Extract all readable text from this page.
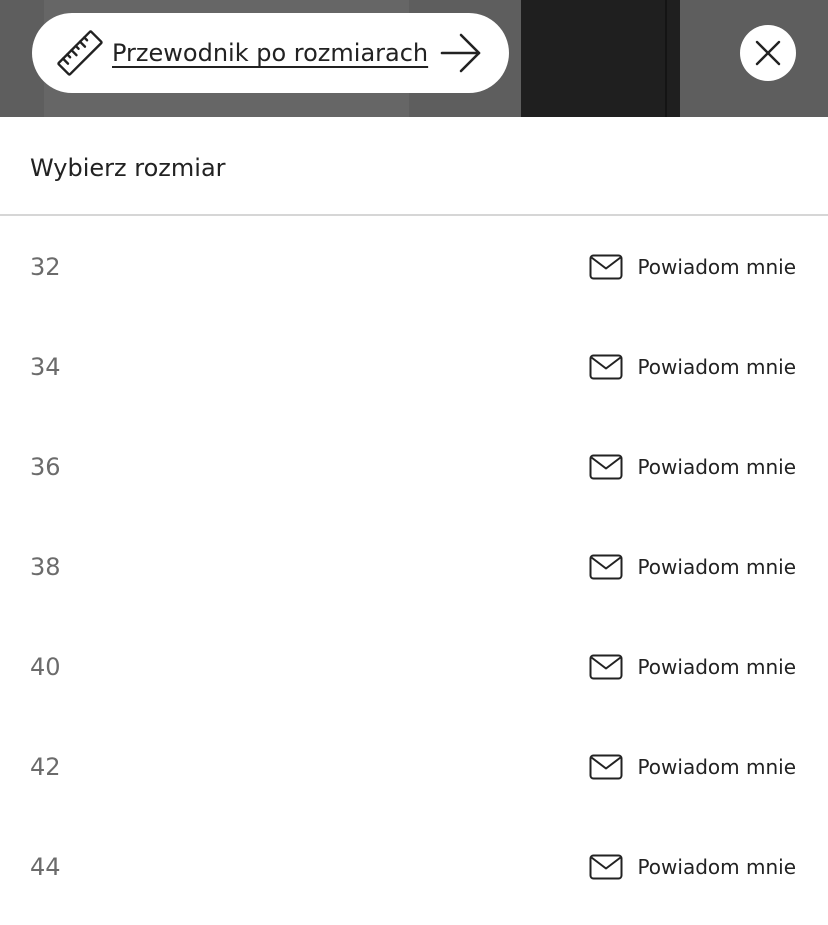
Przewodnik po rozmiarach
Wybierz rozmiar
32	Powiadom mnie
34	Powiadom mnie
36	Powiadom mnie
38	Powiadom mnie
40	Powiadom mnie
42	Powiadom mnie
44	Powiadom mnie
